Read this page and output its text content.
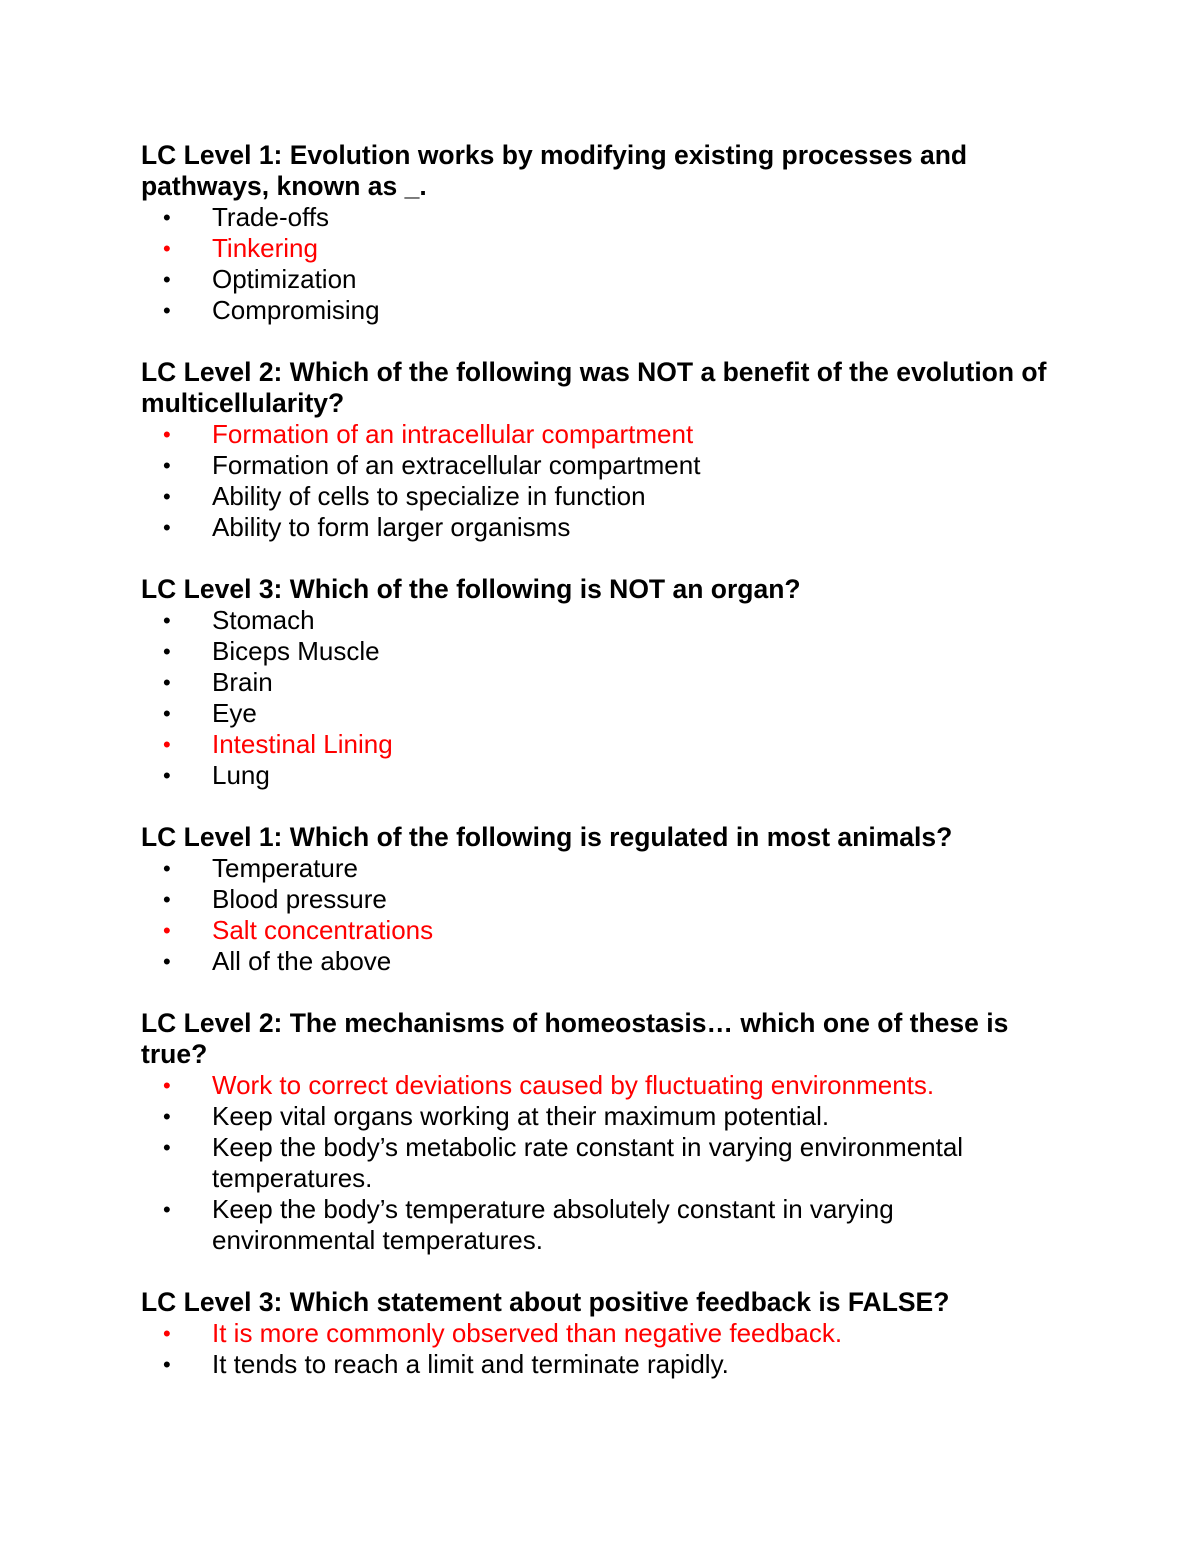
LC Level 1: Evolution works by modifying existing processes and pathways, known as _.

• Trade-offs
• Tinkering
• Optimization
• Compromising

LC Level 2: Which of the following was NOT a benefit of the evolution of multicellularity?

• Formation of an intracellular compartment
• Formation of an extracellular compartment
• Ability of cells to specialize in function
• Ability to form larger organisms

LC Level 3: Which of the following is NOT an organ?

• Stomach
• Biceps Muscle
• Brain
• Eye
• Intestinal Lining
• Lung

LC Level 1: Which of the following is regulated in most animals?

• Temperature
• Blood pressure
• Salt concentrations
• All of the above

LC Level 2: The mechanisms of homeostasis… which one of these is true?

• Work to correct deviations caused by fluctuating environments.
• Keep vital organs working at their maximum potential.
• Keep the body’s metabolic rate constant in varying environmental temperatures.
• Keep the body’s temperature absolutely constant in varying environmental temperatures.

LC Level 3: Which statement about positive feedback is FALSE?

• It is more commonly observed than negative feedback.
• It tends to reach a limit and terminate rapidly.
